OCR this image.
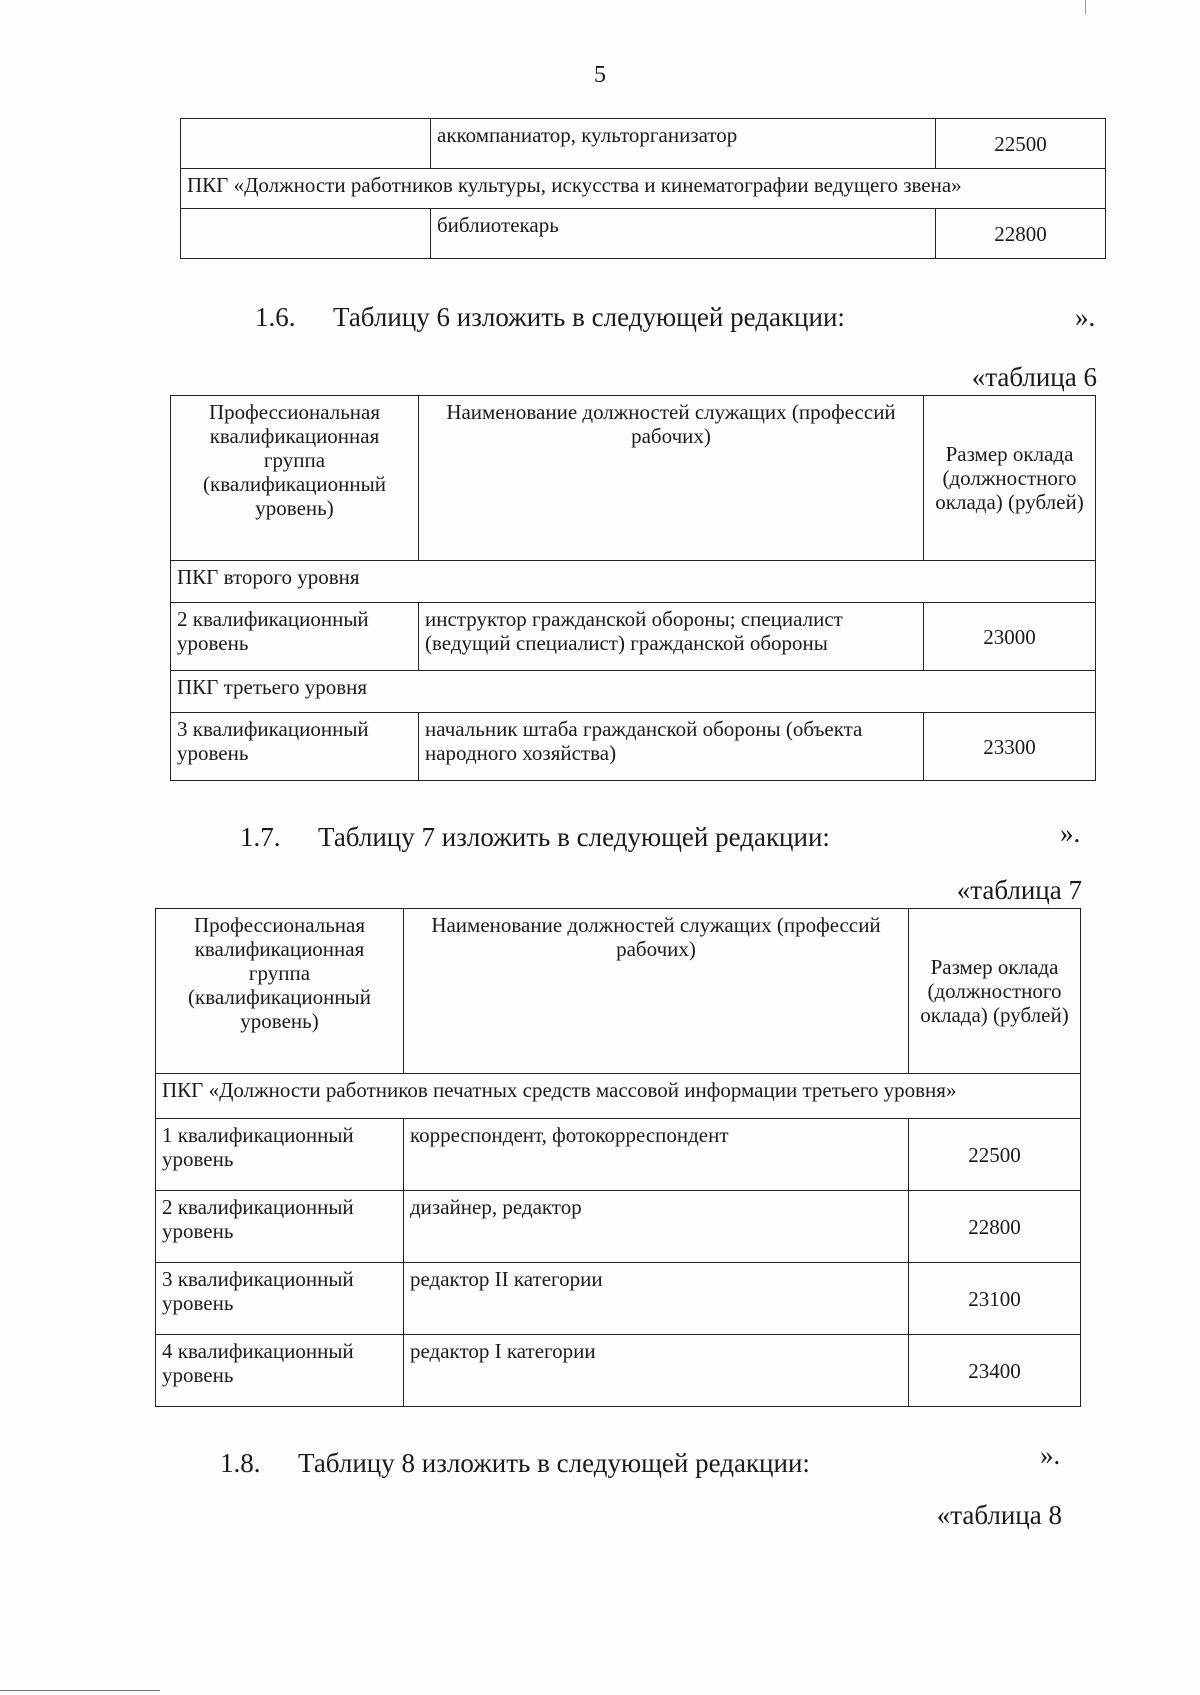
5
	аккомпаниатор, культорганизатор	22500
ПКГ «Должности работников культуры, искусства и кинематографии ведущего звена»		
	библиотекарь	22800
1.6. Таблицу 6 изложить в следующей редакции:	».
«таблица 6
Профессиональная квалификационная группа (квалификационный уровень)	Наименование должностей служащих (профессий рабочих)	Размер оклада (должностного оклада) (рублей)
ПКГ второго уровня		
2 квалификационный уровень	инструктор гражданской обороны; специалист (ведущий специалист) гражданской обороны	23000
ПКГ третьего уровня		
3 квалификационный уровень	начальник штаба гражданской обороны (объекта народного хозяйства)	23300
1.7. Таблицу 7 изложить в следующей редакции:	».
«таблица 7
Профессиональная квалификационная группа (квалификационный уровень)	Наименование должностей служащих (профессий рабочих)	Размер оклада (должностного оклада) (рублей)
ПКГ «Должности работников печатных средств массовой информации третьего уровня»		
1 квалификационный уровень	корреспондент, фотокорреспондент	22500
2 квалификационный уровень	дизайнер, редактор	22800
3 квалификационный уровень	редактор II категории	23100
4 квалификационный уровень	редактор I категории	23400
1.8. Таблицу 8 изложить в следующей редакции:	».
«таблица 8
